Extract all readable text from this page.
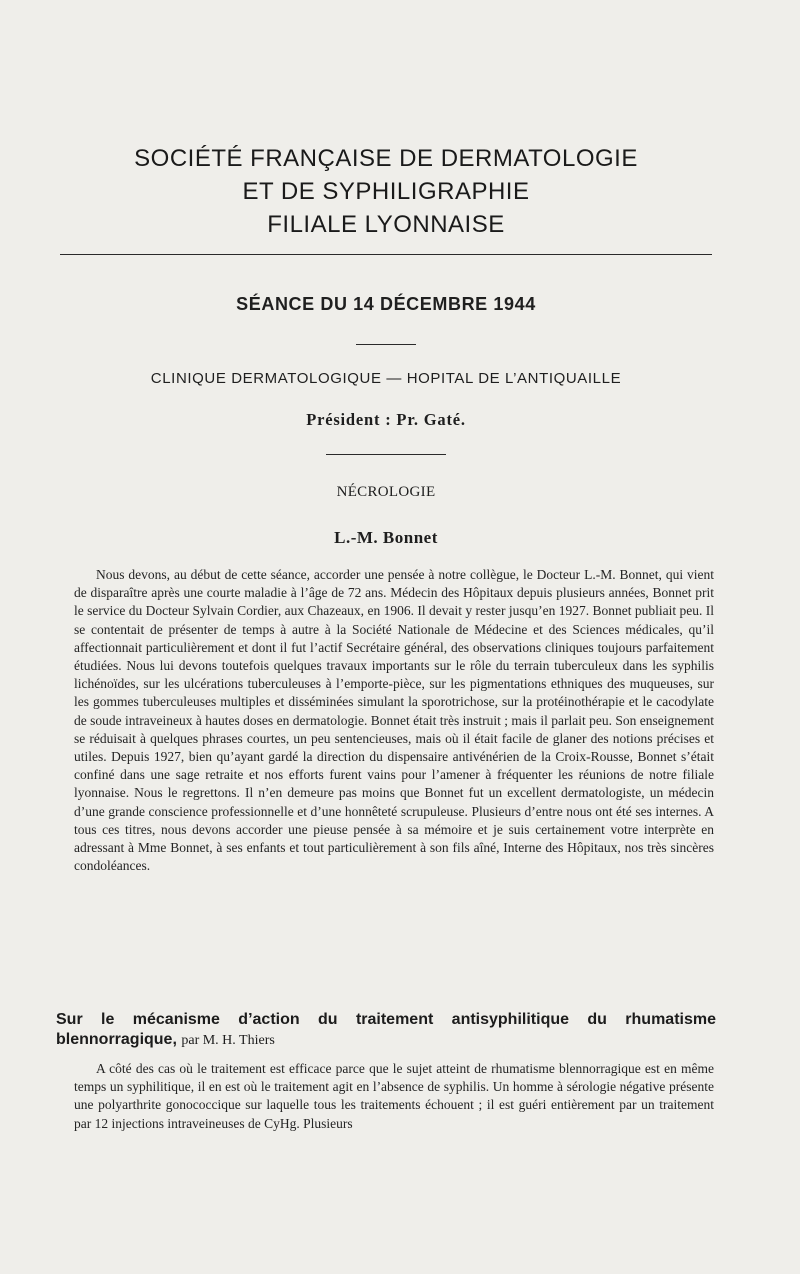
SOCIÉTÉ FRANÇAISE DE DERMATOLOGIE
ET DE SYPHILIGRAPHIE
FILIALE LYONNAISE
SÉANCE DU 14 DÉCEMBRE 1944
CLINIQUE DERMATOLOGIQUE — HOPITAL DE L’ANTIQUAILLE
Président : Pr. Gaté.
NÉCROLOGIE
L.-M. Bonnet

Nous devons, au début de cette séance, accorder une pensée à notre collègue, le Docteur L.-M. Bonnet, qui vient de disparaître après une courte maladie à l’âge de 72 ans. Médecin des Hôpitaux depuis plusieurs années, Bonnet prit le service du Docteur Sylvain Cordier, aux Chazeaux, en 1906. Il devait y rester jusqu’en 1927. Bonnet publiait peu. Il se contentait de présenter de temps à autre à la Société Nationale de Médecine et des Sciences médicales, qu’il affectionnait particulièrement et dont il fut l’actif Secrétaire général, des observations cliniques toujours parfaitement étudiées. Nous lui devons toutefois quelques travaux importants sur le rôle du terrain tuberculeux dans les syphilis lichénoïdes, sur les ulcérations tuberculeuses à l’emporte-pièce, sur les pigmentations ethniques des muqueuses, sur les gommes tuberculeuses multiples et disséminées simulant la sporotrichose, sur la protéinothérapie et le cacodylate de soude intraveineux à hautes doses en dermatologie. Bonnet était très instruit ; mais il parlait peu. Son enseignement se réduisait à quelques phrases courtes, un peu sentencieuses, mais où il était facile de glaner des notions précises et utiles. Depuis 1927, bien qu’ayant gardé la direction du dispensaire antivénérien de la Croix-Rousse, Bonnet s’était confiné dans une sage retraite et nos efforts furent vains pour l’amener à fréquenter les réunions de notre filiale lyonnaise. Nous le regrettons. Il n’en demeure pas moins que Bonnet fut un excellent dermatologiste, un médecin d’une grande conscience professionnelle et d’une honnêteté scrupuleuse. Plusieurs d’entre nous ont été ses internes. A tous ces titres, nous devons accorder une pieuse pensée à sa mémoire et je suis certainement votre interprète en adressant à Mme Bonnet, à ses enfants et tout particulièrement à son fils aîné, Interne des Hôpitaux, nos très sincères condoléances.

Sur le mécanisme d’action du traitement antisyphilitique du rhumatisme blennorragique, par M. H. Thiers

A côté des cas où le traitement est efficace parce que le sujet atteint de rhumatisme blennorragique est en même temps un syphilitique, il en est où le traitement agit en l’absence de syphilis. Un homme à sérologie négative présente une polyarthrite gonococcique sur laquelle tous les traitements échouent ; il est guéri entièrement par un traitement par 12 injections intraveineuses de CyHg. Plusieurs
